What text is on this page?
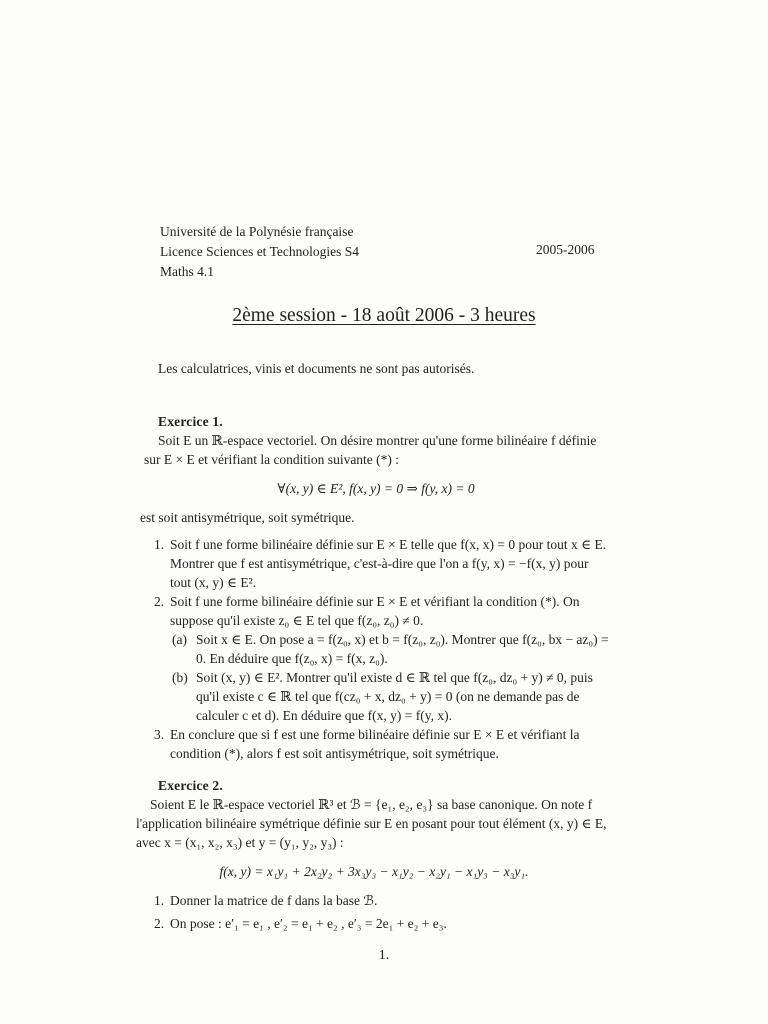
Université de la Polynésie française
Licence Sciences et Technologies S4
Maths 4.1
2005-2006
2ème session - 18 août 2006 - 3 heures
Les calculatrices, vinis et documents ne sont pas autorisés.
Exercice 1.
Soit E un ℝ-espace vectoriel. On désire montrer qu'une forme bilinéaire f définie sur E × E et vérifiant la condition suivante (*) :
∀(x, y) ∈ E², f(x, y) = 0 ⇒ f(y, x) = 0
est soit antisymétrique, soit symétrique.
1. Soit f une forme bilinéaire définie sur E × E telle que f(x, x) = 0 pour tout x ∈ E. Montrer que f est antisymétrique, c'est-à-dire que l'on a f(y, x) = −f(x, y) pour tout (x, y) ∈ E².
2. Soit f une forme bilinéaire définie sur E × E et vérifiant la condition (*). On suppose qu'il existe z₀ ∈ E tel que f(z₀, z₀) ≠ 0.
(a) Soit x ∈ E. On pose a = f(z₀, x) et b = f(z₀, z₀). Montrer que f(z₀, bx − az₀) = 0. En déduire que f(z₀, x) = f(x, z₀).
(b) Soit (x, y) ∈ E². Montrer qu'il existe d ∈ ℝ tel que f(z₀, dz₀ + y) ≠ 0, puis qu'il existe c ∈ ℝ tel que f(cz₀ + x, dz₀ + y) = 0 (on ne demande pas de calculer c et d). En déduire que f(x, y) = f(y, x).
3. En conclure que si f est une forme bilinéaire définie sur E × E et vérifiant la condition (*), alors f est soit antisymétrique, soit symétrique.
Exercice 2.
Soient E le ℝ-espace vectoriel ℝ³ et ℬ = {e₁, e₂, e₃} sa base canonique. On note f l'application bilinéaire symétrique définie sur E en posant pour tout élément (x, y) ∈ E, avec x = (x₁, x₂, x₃) et y = (y₁, y₂, y₃) :
f(x, y) = x₁y₁ + 2x₂y₂ + 3x₃y₃ − x₁y₂ − x₂y₁ − x₁y₃ − x₃y₁.
1. Donner la matrice de f dans la base ℬ.
2. On pose : e′₁ = e₁ , e′₂ = e₁ + e₂ , e′₃ = 2e₁ + e₂ + e₃.
1.
